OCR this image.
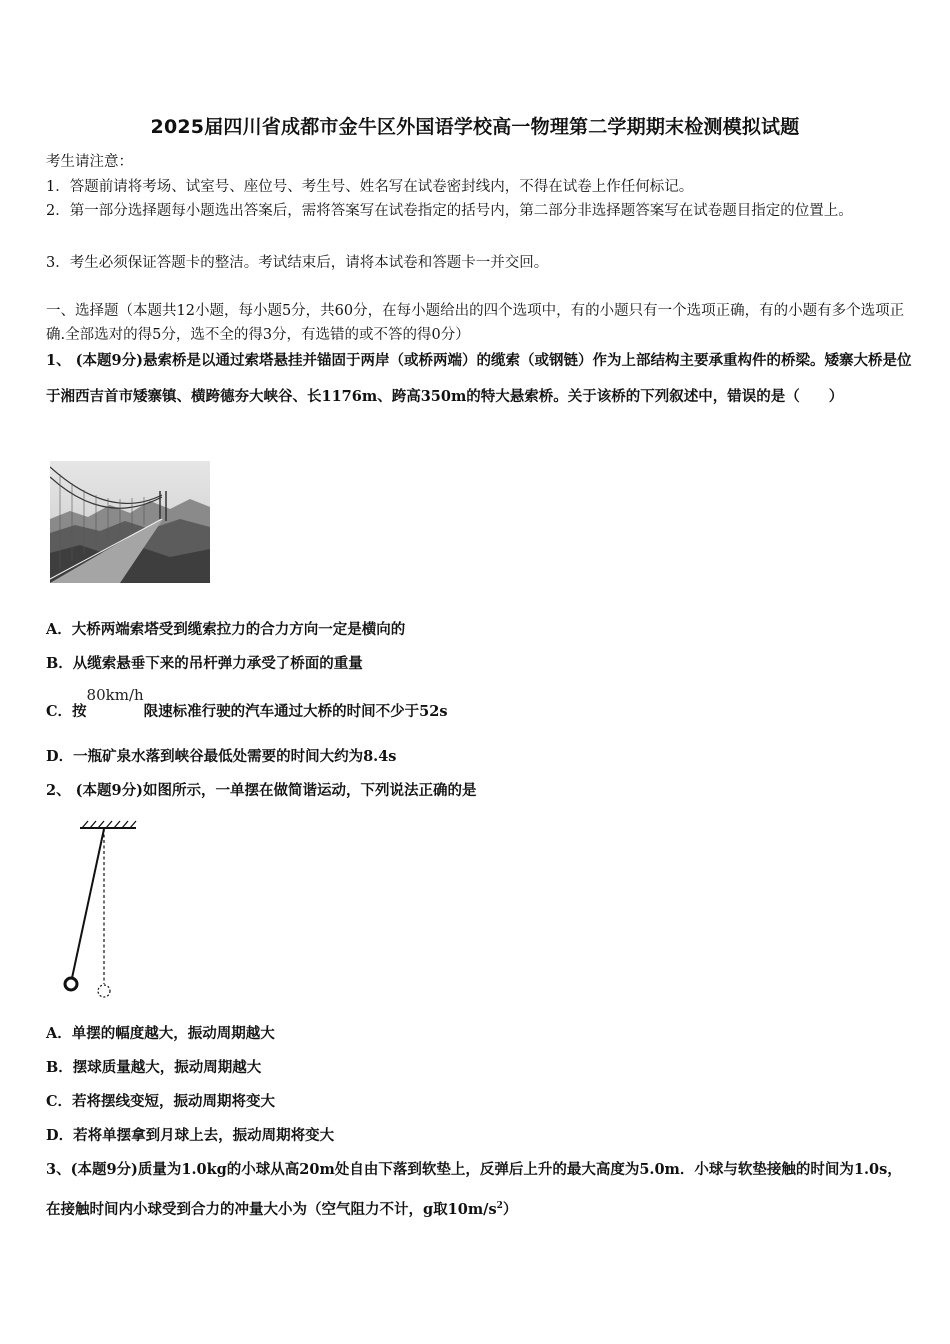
2025届四川省成都市金牛区外国语学校高一物理第二学期期末检测模拟试题
考生请注意：
1．答题前请将考场、试室号、座位号、考生号、姓名写在试卷密封线内，不得在试卷上作任何标记。
2．第一部分选择题每小题选出答案后，需将答案写在试卷指定的括号内，第二部分非选择题答案写在试卷题目指定的位置上。
3．考生必须保证答题卡的整洁。考试结束后，请将本试卷和答题卡一并交回。
一、选择题（本题共12小题，每小题5分，共60分，在每小题给出的四个选项中，有的小题只有一个选项正确，有的小题有多个选项正确.全部选对的得5分，选不全的得3分，有选错的或不答的得0分）
1、 (本题9分)悬索桥是以通过索塔悬挂并锚固于两岸（或桥两端）的缆索（或钢链）作为上部结构主要承重构件的桥梁。矮寨大桥是位于湘西吉首市矮寨镇、横跨德夯大峡谷、长1176m、跨高350m的特大悬索桥。关于该桥的下列叙述中，错误的是（　　）
A．大桥两端索塔受到缆索拉力的合力方向一定是横向的
B．从缆索悬垂下来的吊杆弹力承受了桥面的重量
C．按80km/h限速标准行驶的汽车通过大桥的时间不少于52s
D．一瓶矿泉水落到峡谷最低处需要的时间大约为8.4s
2、 (本题9分)如图所示，一单摆在做简谐运动，下列说法正确的是
A．单摆的幅度越大，振动周期越大
B．摆球质量越大，振动周期越大
C．若将摆线变短，振动周期将变大
D．若将单摆拿到月球上去，振动周期将变大
3、(本题9分)质量为1.0kg的小球从高20m处自由下落到软垫上，反弹后上升的最大高度为5.0m．小球与软垫接触的时间为1.0s，在接触时间内小球受到合力的冲量大小为（空气阻力不计，g取$10m/s^2$）
